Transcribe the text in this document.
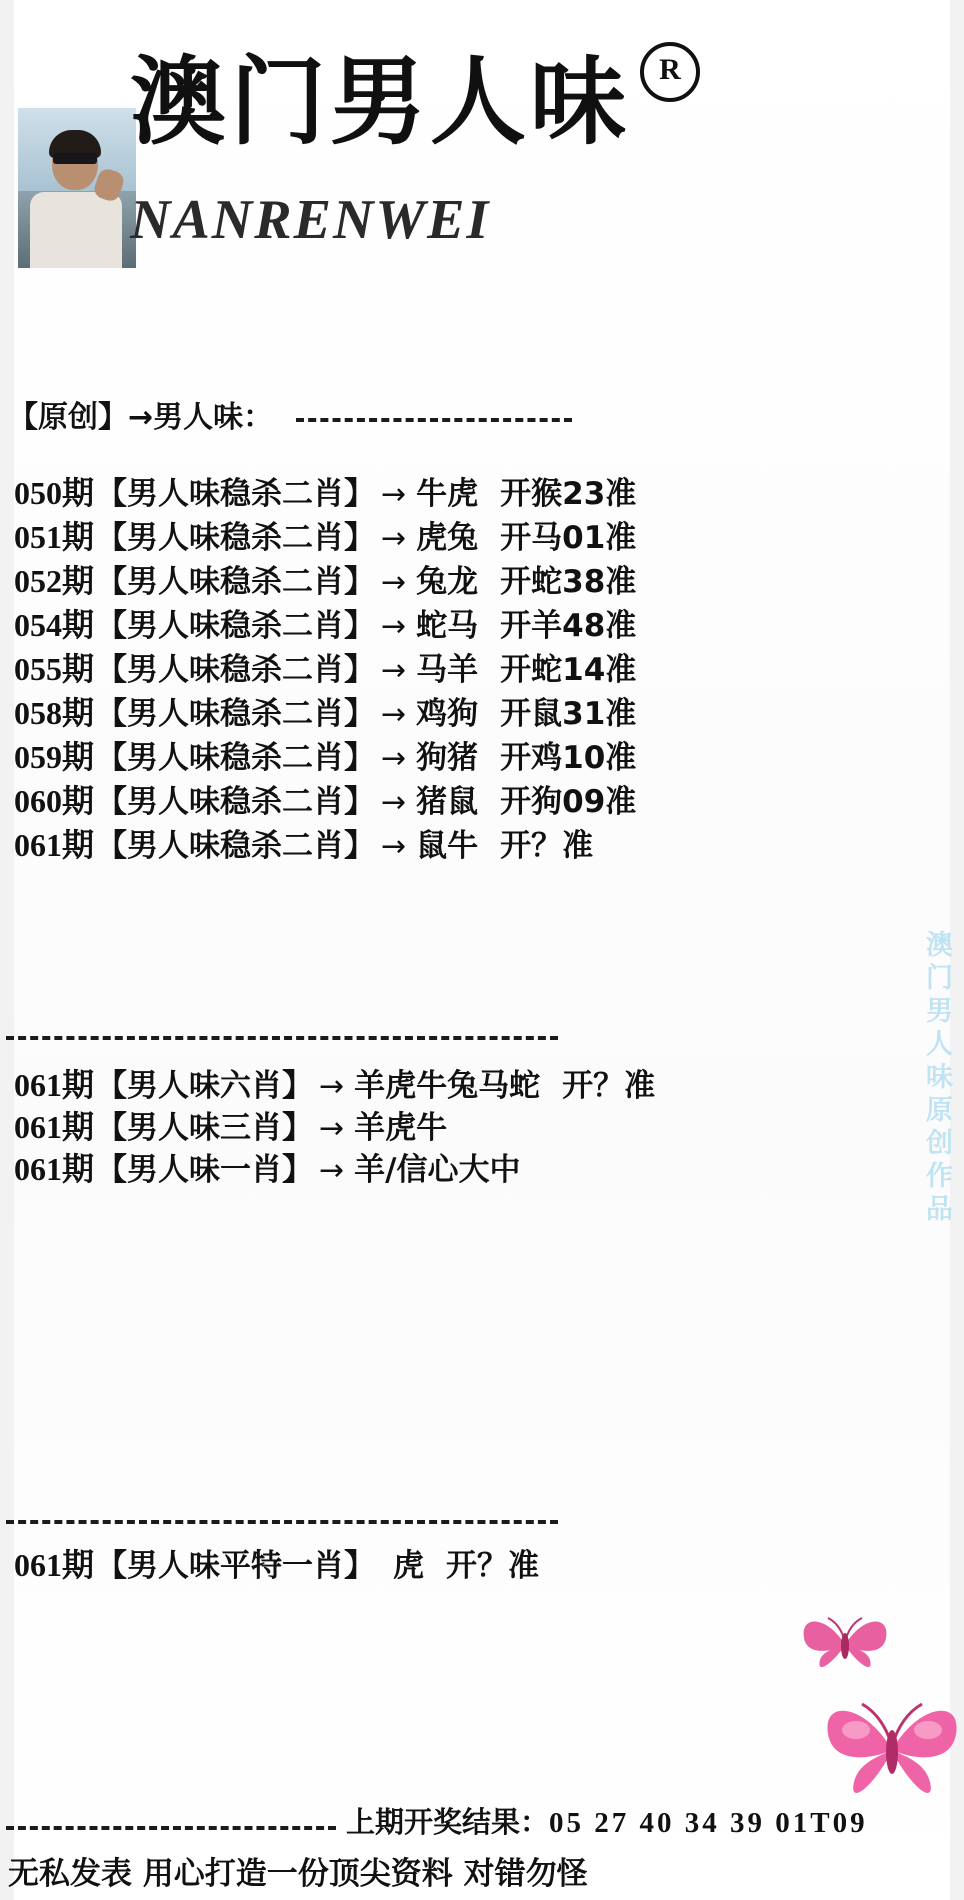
澳门男人味 R
NANRENWEI
【原创】→男人味：
050期 【男人味稳杀二肖】 → 牛虎 开猴23准
051期 【男人味稳杀二肖】 → 虎兔 开马01准
052期 【男人味稳杀二肖】 → 兔龙 开蛇38准
054期 【男人味稳杀二肖】 → 蛇马 开羊48准
055期 【男人味稳杀二肖】 → 马羊 开蛇14准
058期 【男人味稳杀二肖】 → 鸡狗 开鼠31准
059期 【男人味稳杀二肖】 → 狗猪 开鸡10准
060期 【男人味稳杀二肖】 → 猪鼠 开狗09准
061期 【男人味稳杀二肖】 → 鼠牛 开？准
061期 【男人味六肖】 → 羊虎牛兔马蛇 开？准
061期 【男人味三肖】 → 羊虎牛
061期 【男人味一肖】 → 羊/信心大中	澳门男人味原创作品
061期 【男人味平特一肖】 虎 开？准
上期开奖结果：05 27 40 34 39 01T09
无私发表 用心打造一份顶尖资料 对错勿怪
